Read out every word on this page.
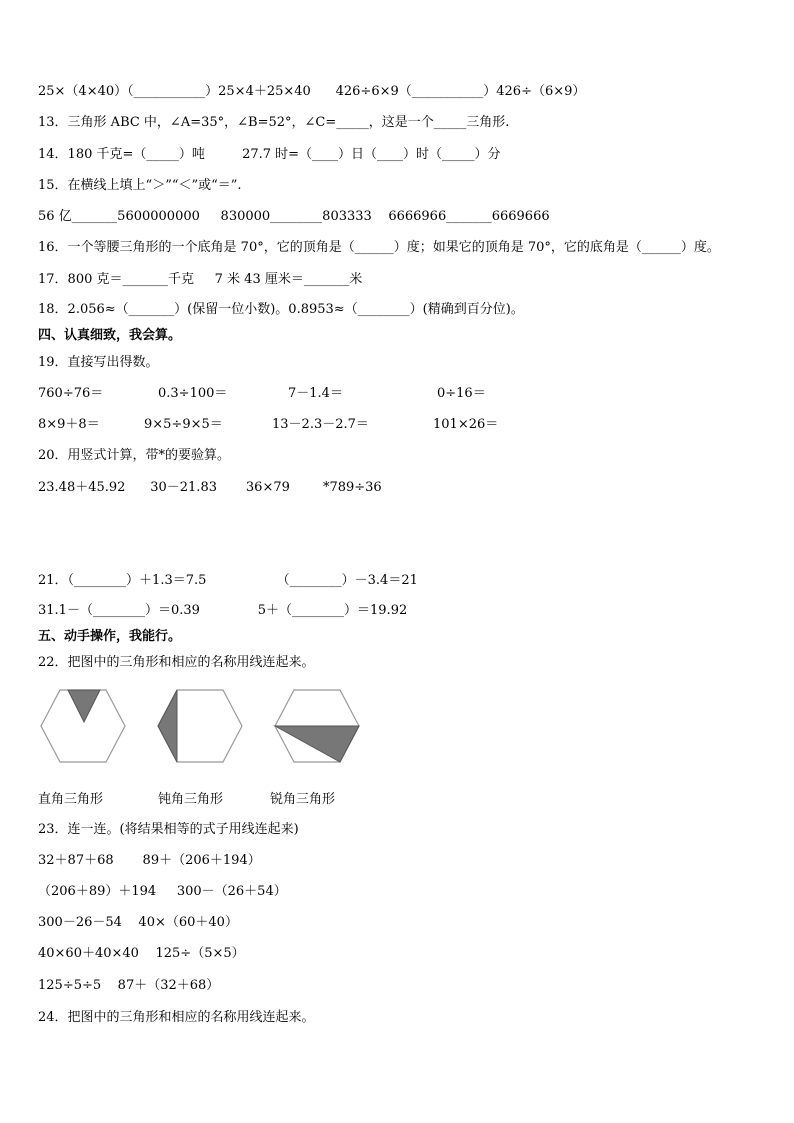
25×（4×40）（___________）25×4＋25×40      426÷6×9（___________）426÷（6×9）
13．三角形 ABC 中，∠A=35°，∠B=52°，∠C=_____，这是一个_____三角形.
14．180 千克=（_____）吨         27.7 时=（____）日（____）时（_____）分
15．在横线上填上“＞”“＜”或“＝”.
56 亿_______5600000000     830000________803333    6666966_______6669666
16．一个等腰三角形的一个底角是 70°，它的顶角是（______）度；如果它的顶角是 70°，它的底角是（______）度。
17．800 克＝_______千克     7 米 43 厘米＝_______米
18．2.056≈（_______）(保留一位小数)。0.8953≈（________）(精确到百分位)。
四、认真细致，我会算。
19．直接写出得数。
760÷76＝	0.3÷100＝	7－1.4＝	0÷16＝
8×9＋8＝	9×5÷9×5＝	13－2.3－2.7＝	101×26＝
20．用竖式计算，带*的要验算。
23.48＋45.92      30－21.83       36×79        *789÷36
21．（________）＋1.3＝7.5                 （________）－3.4＝21
31.1－（________）＝0.39              5＋（________）＝19.92
五、动手操作，我能行。
22．把图中的三角形和相应的名称用线连起来。
直角三角形	钝角三角形	锐角三角形
23．连一连。(将结果相等的式子用线连起来)
32＋87＋68       89＋（206＋194）
（206＋89）＋194     300－（26＋54）
300－26－54    40×（60＋40）
40×60＋40×40    125÷（5×5）
125÷5÷5    87＋（32＋68）
24．把图中的三角形和相应的名称用线连起来。
